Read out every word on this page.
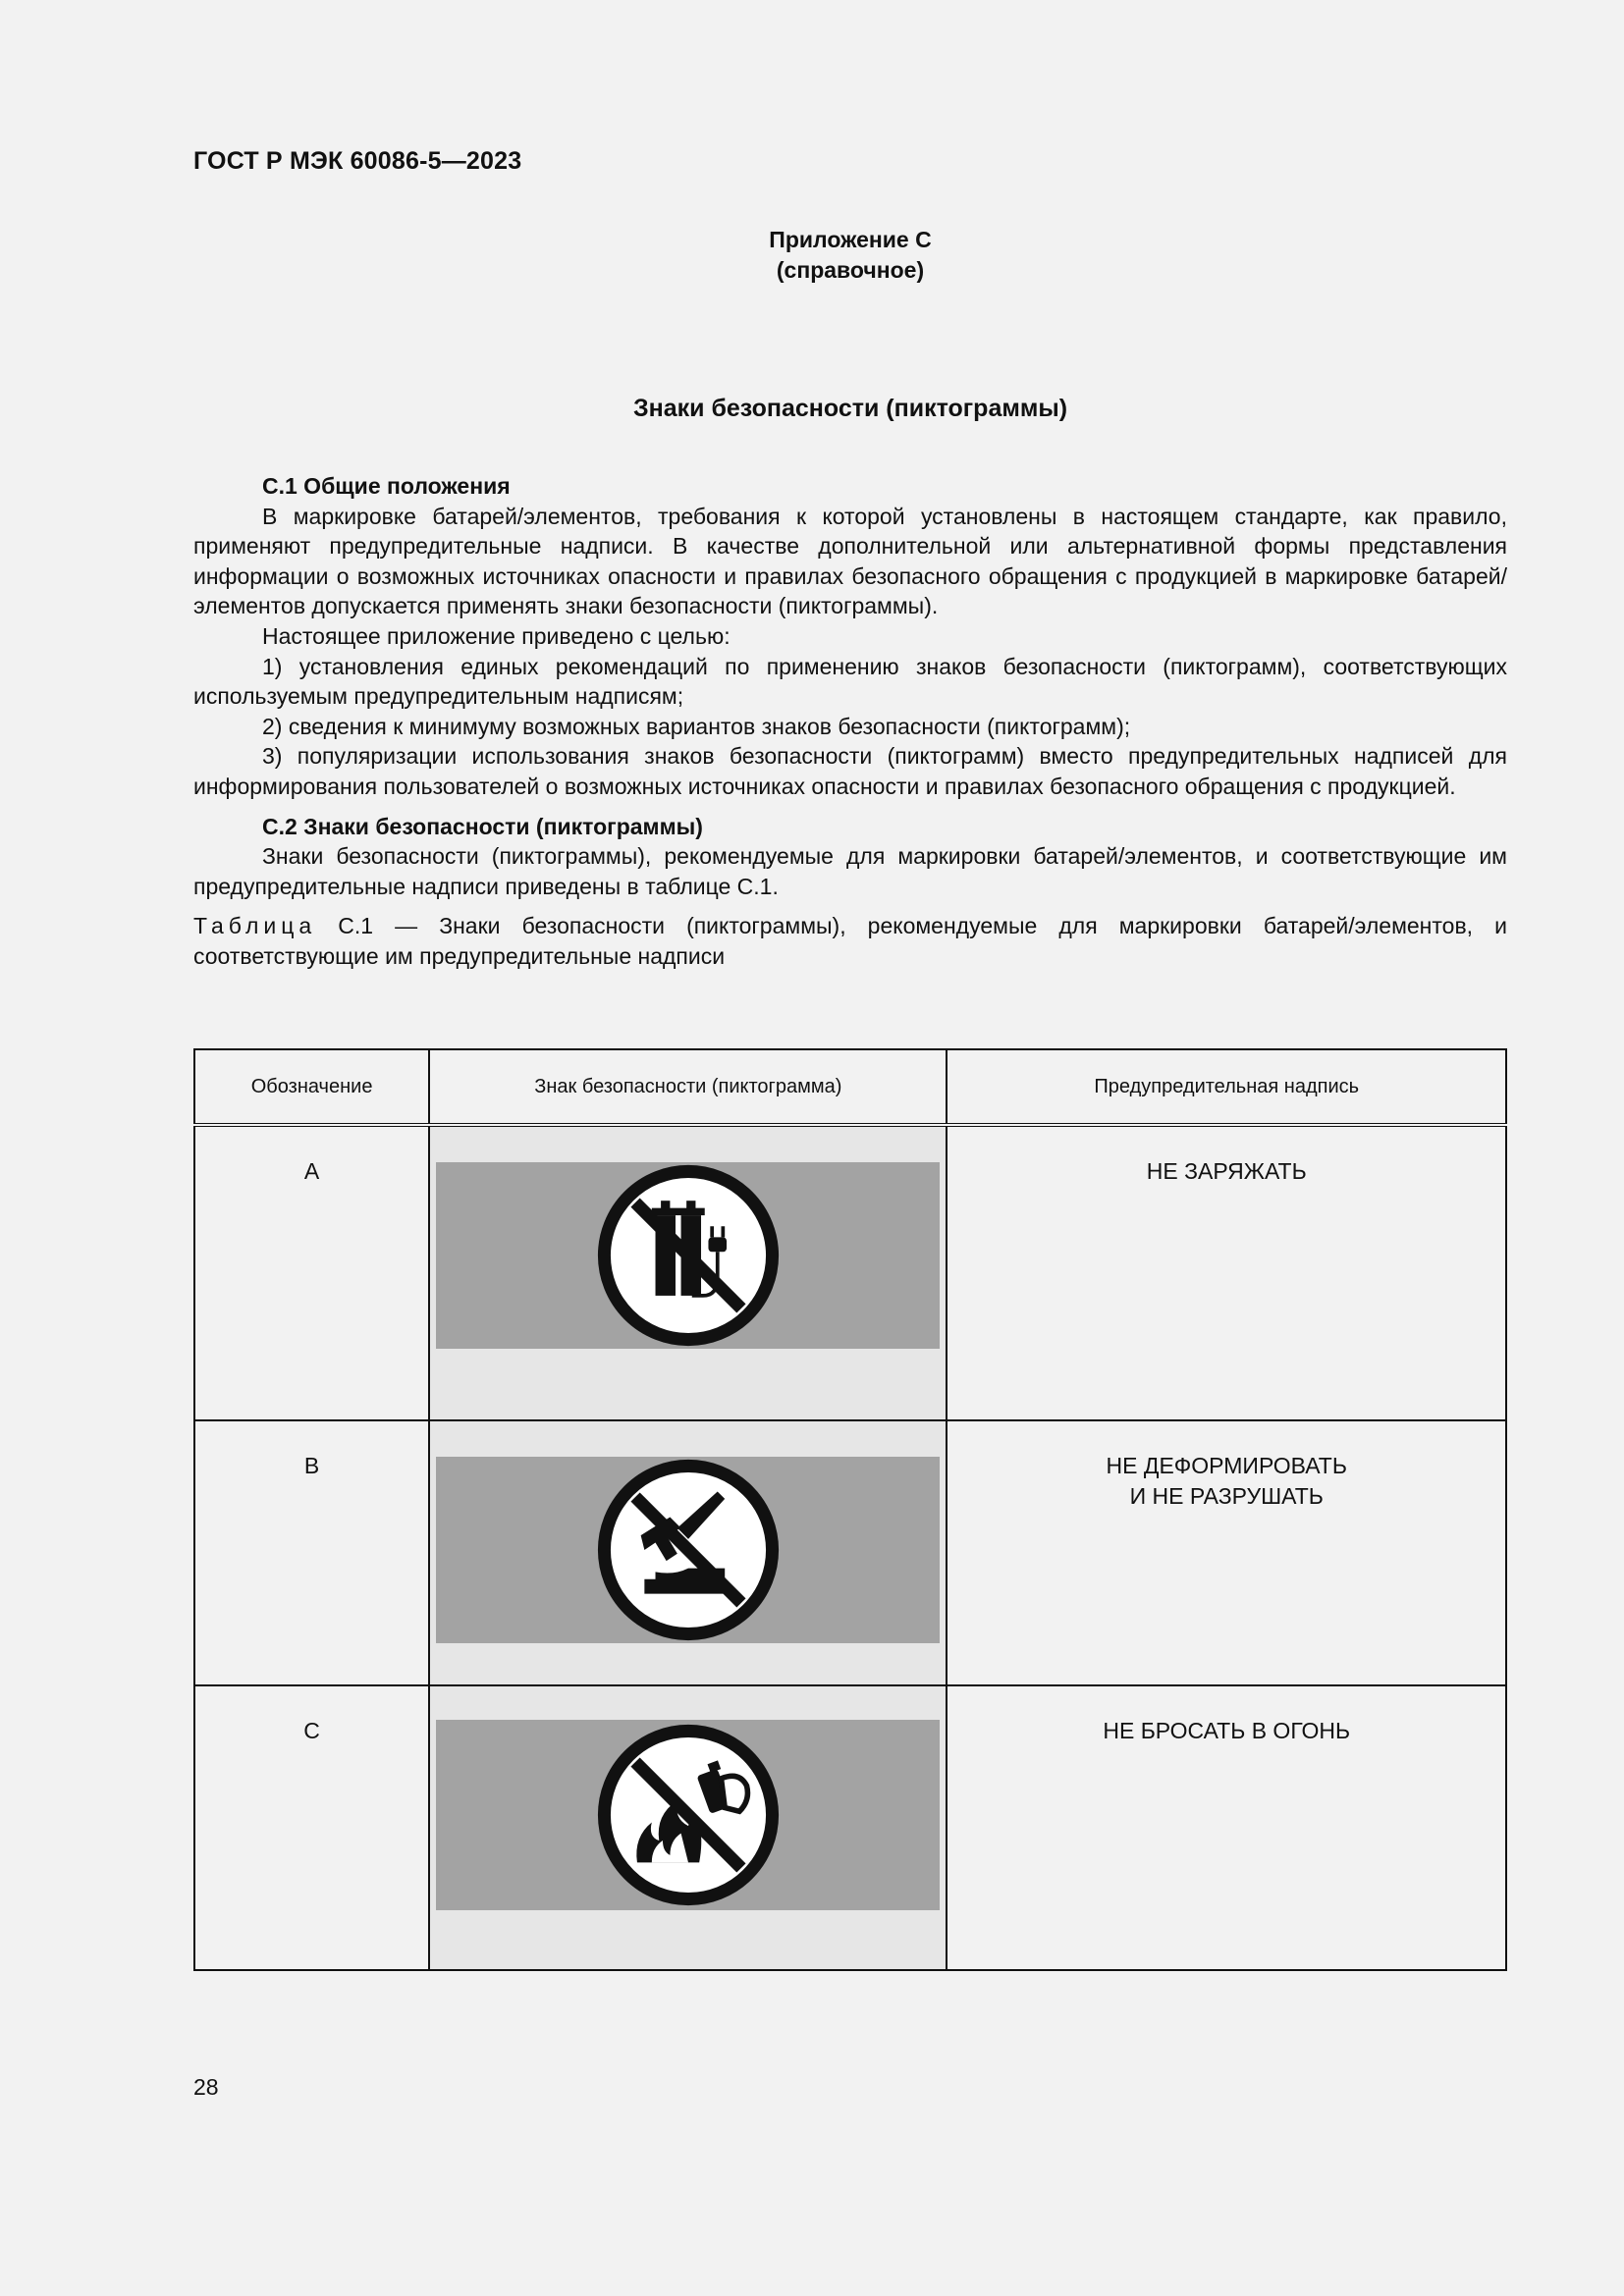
ГОСТ Р МЭК 60086-5—2023
Приложение C
(справочное)
Знаки безопасности (пиктограммы)

C.1 Общие положения

В маркировке батарей/элементов, требования к которой установлены в настоящем стандарте, как правило, применяют предупредительные надписи. В качестве дополнительной или альтернативной формы представления информации о возможных источниках опасности и правилах безопасного обращения с продукцией в маркировке батарей/элементов допускается применять знаки безопасности (пиктограммы).

Настоящее приложение приведено с целью:

1) установления единых рекомендаций по применению знаков безопасности (пиктограмм), соответствующих используемым предупредительным надписям;

2) сведения к минимуму возможных вариантов знаков безопасности (пиктограмм);

3) популяризации использования знаков безопасности (пиктограмм) вместо предупредительных надписей для информирования пользователей о возможных источниках опасности и правилах безопасного обращения с продукцией.

C.2 Знаки безопасности (пиктограммы)

Знаки безопасности (пиктограммы), рекомендуемые для маркировки батарей/элементов, и соответствующие им предупредительные надписи приведены в таблице C.1.

Таблица C.1 — Знаки безопасности (пиктограммы), рекомендуемые для маркировки батарей/элементов, и соответствующие им предупредительные надписи

Обозначение	Знак безопасности (пиктограмма)	Предупредительная надпись

A		НЕ ЗАРЯЖАТЬ

B		НЕ ДЕФОРМИРОВАТЬ
И НЕ РАЗРУШАТЬ

C		НЕ БРОСАТЬ В ОГОНЬ
28
